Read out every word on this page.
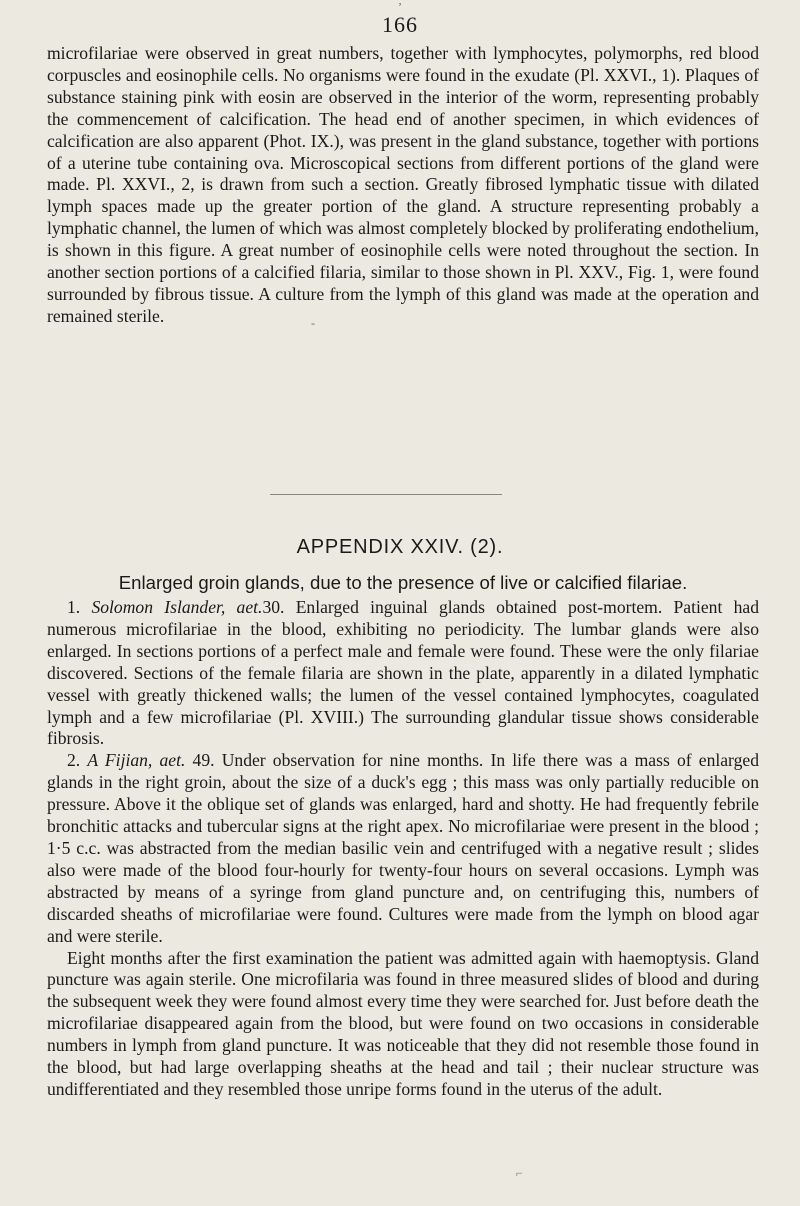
ʼ
166

microfilariae were observed in great numbers, together with lymphocytes, polymorphs, red blood corpuscles and eosinophile cells. No organisms were found in the exudate (Pl. XXVI., 1). Plaques of substance staining pink with eosin are observed in the interior of the worm, representing probably the commencement of calcification. The head end of another specimen, in which evidences of calcification are also apparent (Phot. IX.), was present in the gland substance, together with portions of a uterine tube containing ova. Microscopical sections from different portions of the gland were made. Pl. XXVI., 2, is drawn from such a section. Greatly fibrosed lymphatic tissue with dilated lymph spaces made up the greater portion of the gland. A structure representing probably a lymphatic channel, the lumen of which was almost completely blocked by proliferating endothelium, is shown in this figure. A great number of eosinophile cells were noted throughout the section. In another section portions of a calcified filaria, similar to those shown in Pl. XXV., Fig. 1, were found surrounded by fibrous tissue. A culture from the lymph of this gland was made at the operation and remained sterile.	-
APPENDIX XXIV. (2).
Enlarged groin glands, due to the presence of live or calcified filariae.

1. Solomon Islander, aet.30. Enlarged inguinal glands obtained post-mortem. Patient had numerous microfilariae in the blood, exhibiting no periodicity. The lumbar glands were also enlarged. In sections portions of a perfect male and female were found. These were the only filariae discovered. Sections of the female filaria are shown in the plate, apparently in a dilated lymphatic vessel with greatly thickened walls; the lumen of the vessel contained lymphocytes, coagulated lymph and a few microfilariae (Pl. XVIII.) The surrounding glandular tissue shows considerable fibrosis.

2. A Fijian, aet. 49. Under observation for nine months. In life there was a mass of enlarged glands in the right groin, about the size of a duck's egg ; this mass was only partially reducible on pressure. Above it the oblique set of glands was enlarged, hard and shotty. He had frequently febrile bronchitic attacks and tubercular signs at the right apex. No microfilariae were present in the blood ; 1·5 c.c. was abstracted from the median basilic vein and centrifuged with a negative result ; slides also were made of the blood four-hourly for twenty-four hours on several occasions. Lymph was abstracted by means of a syringe from gland puncture and, on centrifuging this, numbers of discarded sheaths of microfilariae were found. Cultures were made from the lymph on blood agar and were sterile.

Eight months after the first examination the patient was admitted again with haemoptysis. Gland puncture was again sterile. One microfilaria was found in three measured slides of blood and during the subsequent week they were found almost every time they were searched for. Just before death the microfilariae disappeared again from the blood, but were found on two occasions in considerable numbers in lymph from gland puncture. It was noticeable that they did not resemble those found in the blood, but had large overlapping sheaths at the head and tail ; their nuclear structure was undifferentiated and they resembled those unripe forms found in the uterus of the adult.

⌐
